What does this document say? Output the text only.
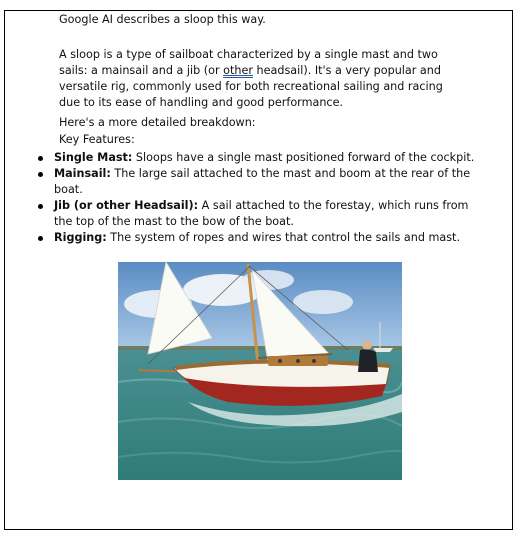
Google AI describes a sloop this way.
A sloop is a type of sailboat characterized by a single mast and two sails: a mainsail and a jib (or other headsail). It's a very popular and versatile rig, commonly used for both recreational sailing and racing due to its ease of handling and good performance.
Here's a more detailed breakdown:
Key Features:
Single Mast: Sloops have a single mast positioned forward of the cockpit.
Mainsail: The large sail attached to the mast and boom at the rear of the boat.
Jib (or other Headsail): A sail attached to the forestay, which runs from the top of the mast to the bow of the boat.
Rigging: The system of ropes and wires that control the sails and mast.
